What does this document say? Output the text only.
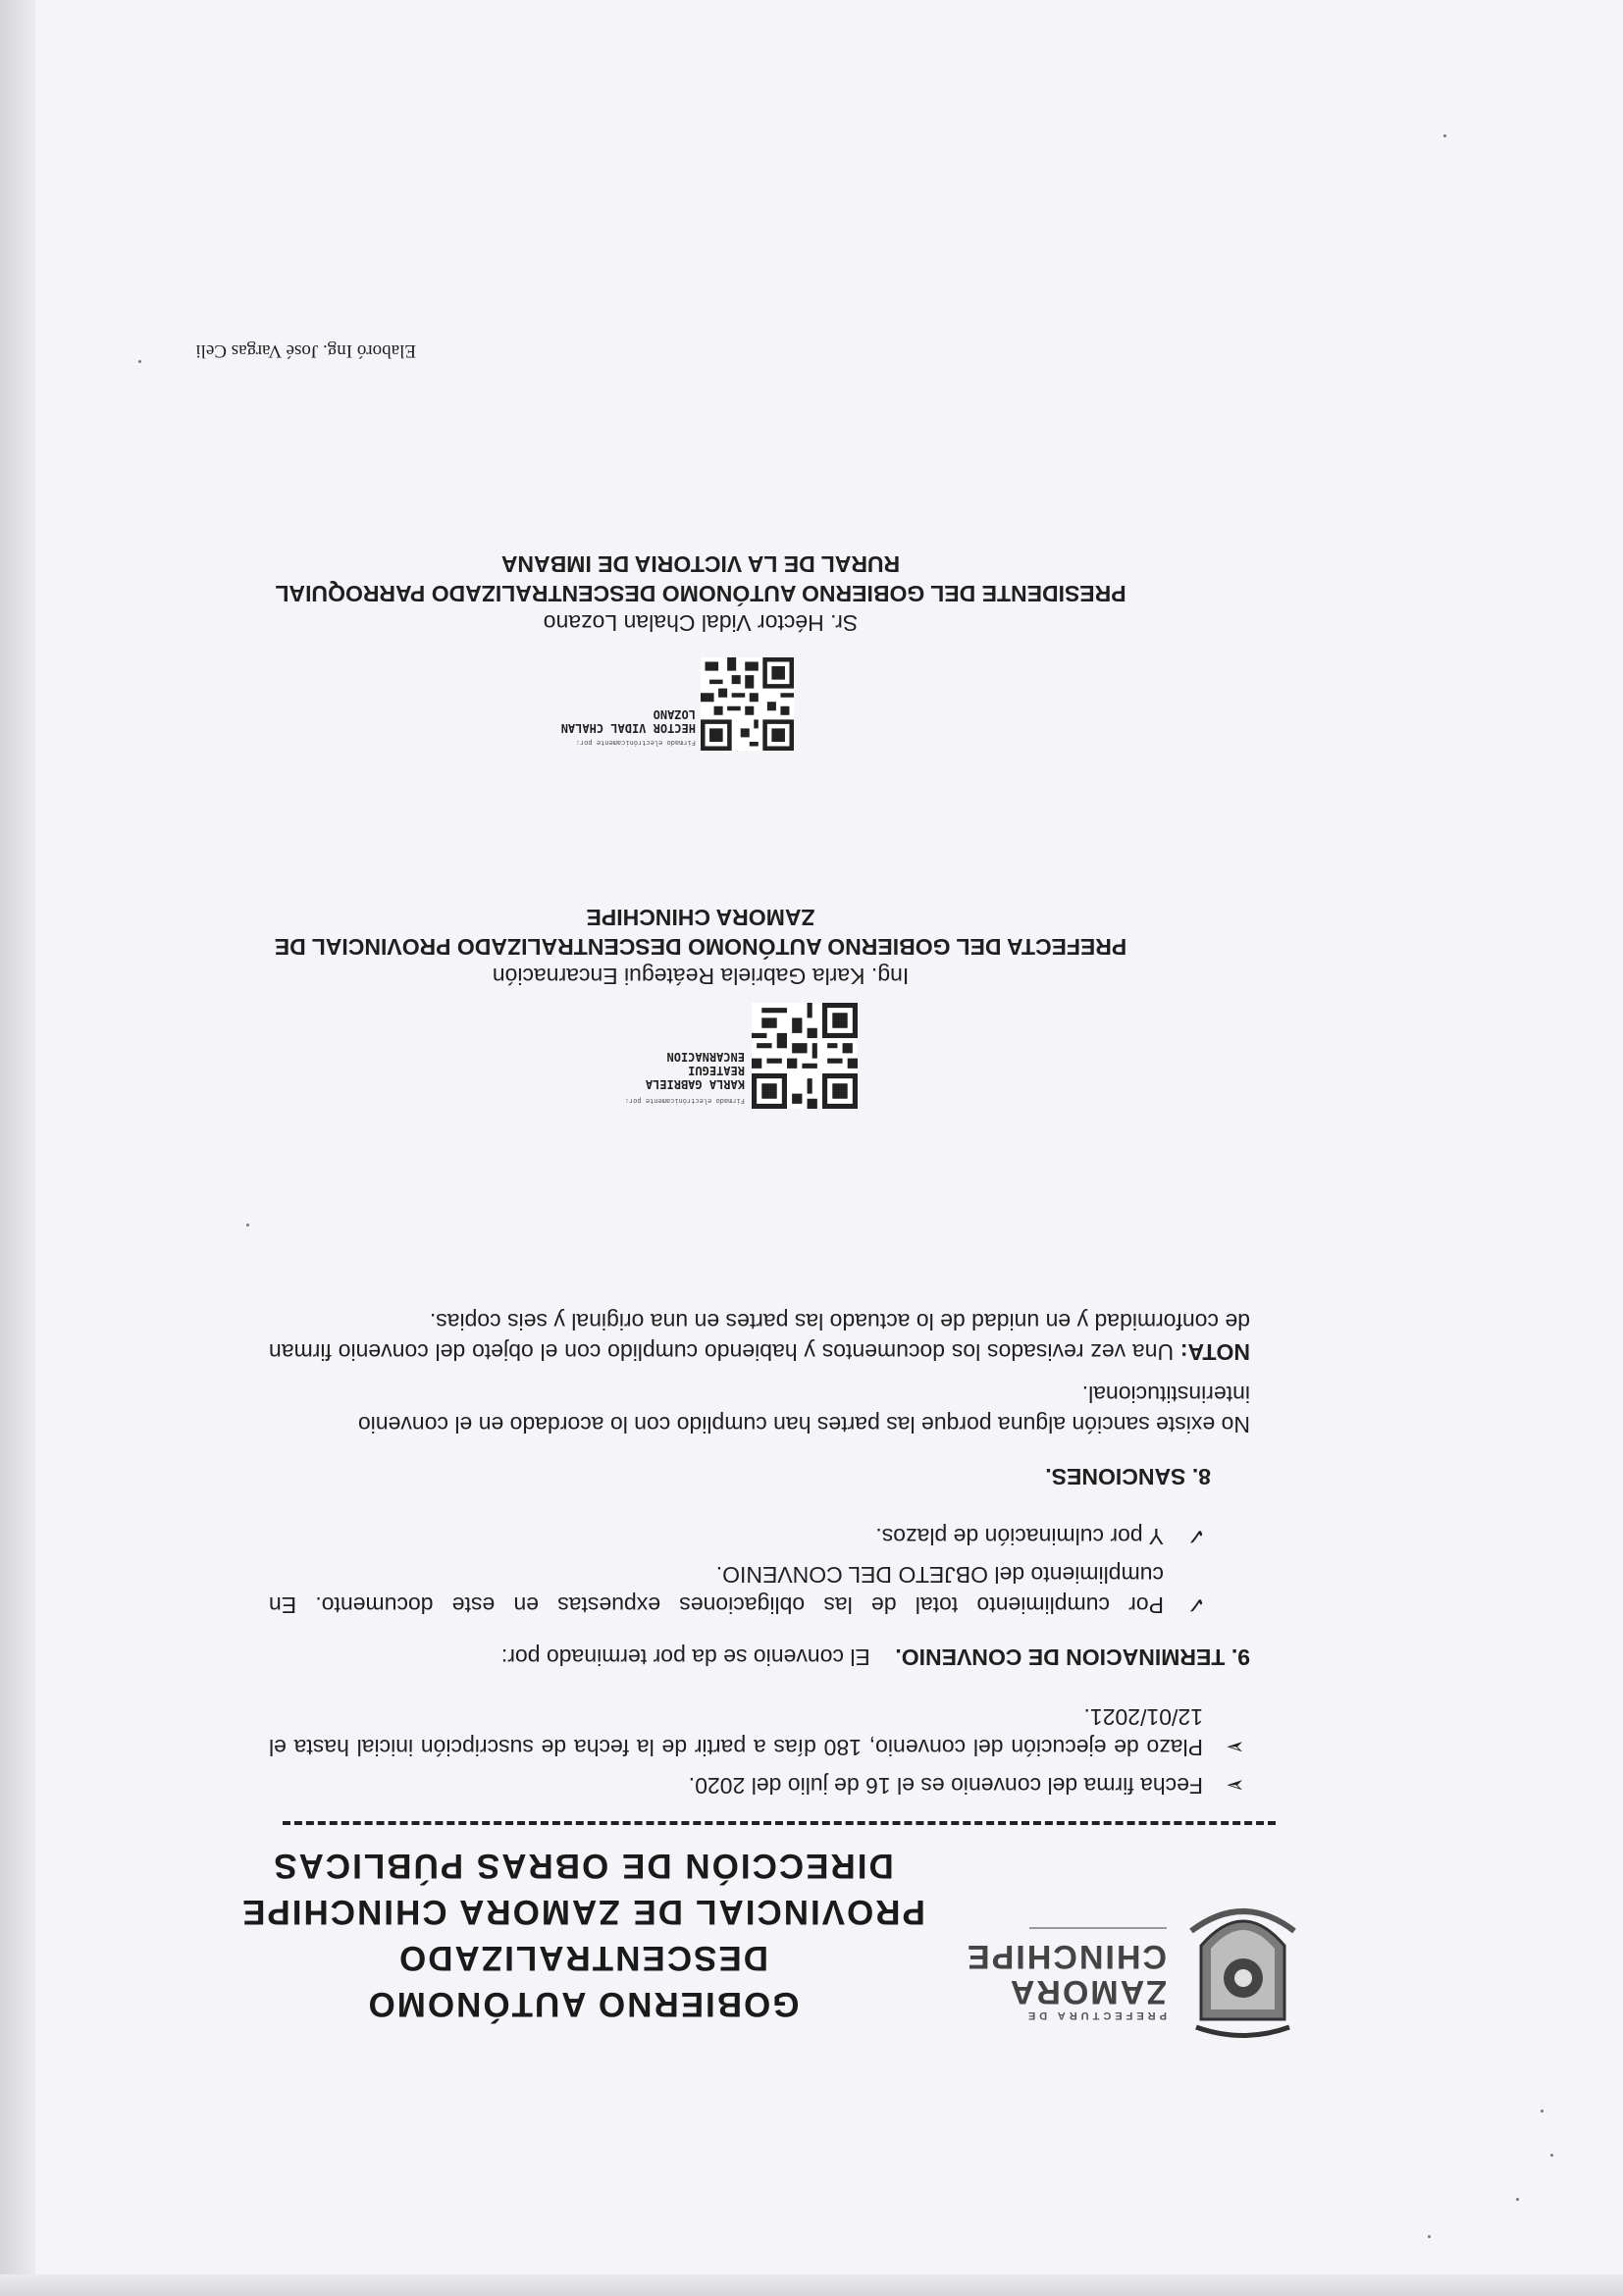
PREFECTURA DE
ZAMORA
CHINCHIPE
GOBIERNO AUTÓNOMO DESCENTRALIZADO
PROVINCIAL DE ZAMORA CHINCHIPE
DIRECCIÓN DE OBRAS PÚBLICAS
➢
Fecha firma del convenio es el 16 de julio del 2020.
➢
Plazo de ejecución del convenio, 180 días a partir de la fecha de suscripción inicial hasta el 12/01/2021.
9. TERMINACION DE CONVENIO.    El convenio se da por terminado por:
✓
Por cumplimiento total de las obligaciones expuestas en este documento. En cumplimiento del OBJETO DEL CONVENIO.
✓
Y por culminación de plazos.
8. SANCIONES.
No existe sanción alguna porque las partes han cumplido con lo acordado en el convenio interinstitucional.
NOTA: Una vez revisados los documentos y habiendo cumplido con el objeto del convenio firman de conformidad y en unidad de lo actuado las partes en una original y seis copias.
Firmado electrónicamente por:
KARLA GABRIELA
REATEGUI
ENCARNACION
Ing. Karla Gabriela Reátegui Encarnación
PREFECTA DEL GOBIERNO AUTÓNOMO DESCENTRALIZADO PROVINCIAL DE ZAMORA CHINCHIPE
Firmado electrónicamente por:
HECTOR VIDAL CHALAN
LOZANO
Sr. Héctor Vidal Chalan Lozano
PRESIDENTE DEL GOBIERNO AUTÓNOMO DESCENTRALIZADO PARROQUIAL RURAL DE LA VICTORIA DE IMBANA
Elaboró Ing. José Vargas Celi
